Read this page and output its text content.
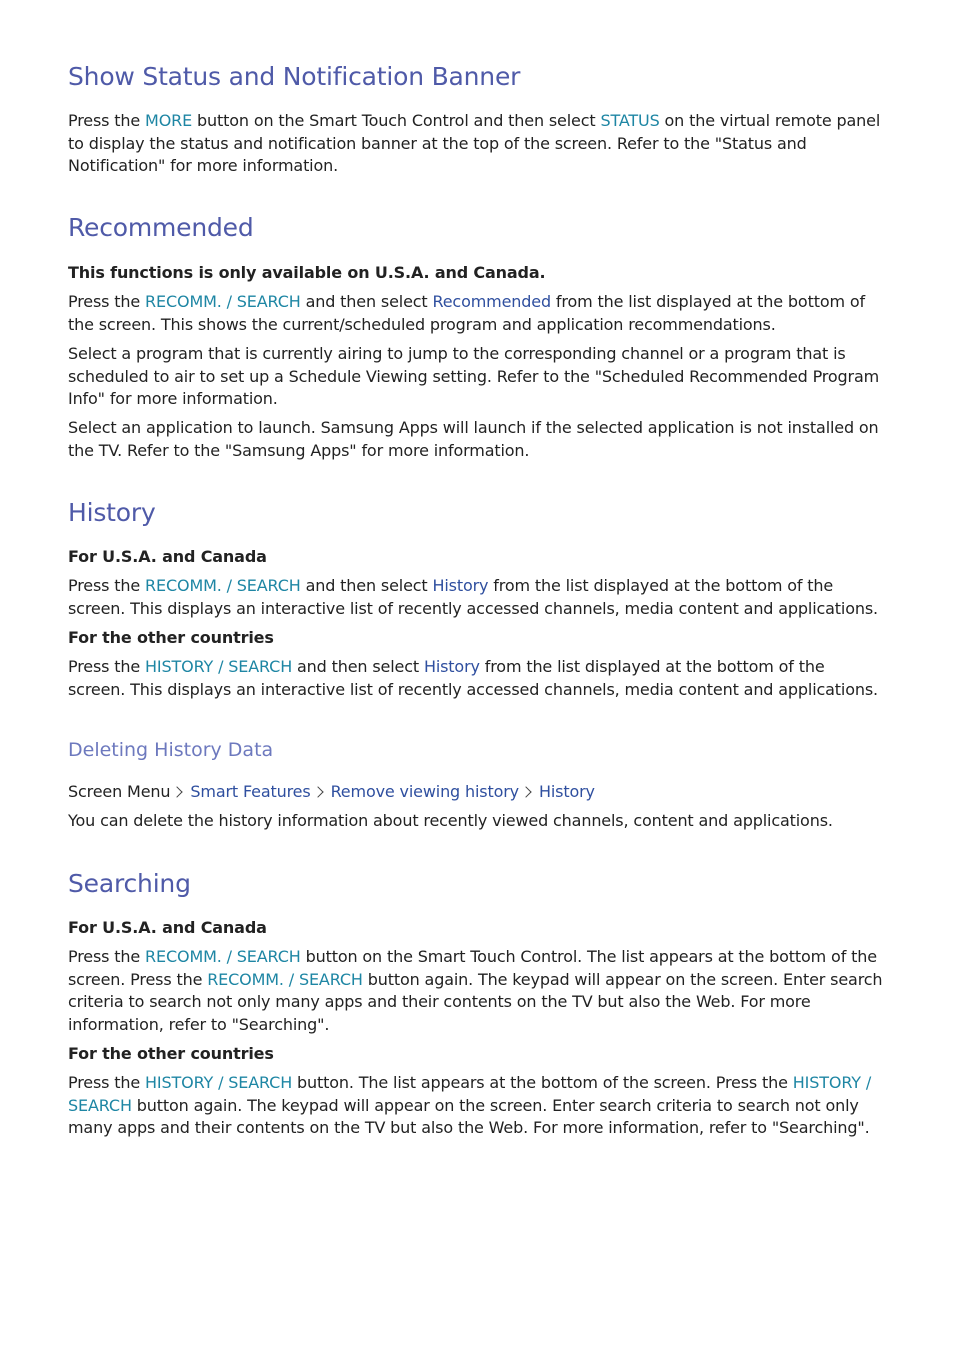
Show Status and Notification Banner

Press the MORE button on the Smart Touch Control and then select STATUS on the virtual remote panel to display the status and notification banner at the top of the screen. Refer to the "Status and Notification" for more information.

Recommended

This functions is only available on U.S.A. and Canada.

Press the RECOMM. / SEARCH and then select Recommended from the list displayed at the bottom of the screen. This shows the current/scheduled program and application recommendations.

Select a program that is currently airing to jump to the corresponding channel or a program that is scheduled to air to set up a Schedule Viewing setting. Refer to the "Scheduled Recommended Program Info" for more information.

Select an application to launch. Samsung Apps will launch if the selected application is not installed on the TV. Refer to the "Samsung Apps" for more information.

History

For U.S.A. and Canada

Press the RECOMM. / SEARCH and then select History from the list displayed at the bottom of the screen. This displays an interactive list of recently accessed channels, media content and applications.

For the other countries

Press the HISTORY / SEARCH and then select History from the list displayed at the bottom of the screen. This displays an interactive list of recently accessed channels, media content and applications.

Deleting History Data

Screen Menu Smart Features Remove viewing history History

You can delete the history information about recently viewed channels, content and applications.

Searching

For U.S.A. and Canada

Press the RECOMM. / SEARCH button on the Smart Touch Control. The list appears at the bottom of the screen. Press the RECOMM. / SEARCH button again. The keypad will appear on the screen. Enter search criteria to search not only many apps and their contents on the TV but also the Web. For more information, refer to "Searching".

For the other countries

Press the HISTORY / SEARCH button. The list appears at the bottom of the screen. Press the HISTORY / SEARCH button again. The keypad will appear on the screen. Enter search criteria to search not only many apps and their contents on the TV but also the Web. For more information, refer to "Searching".
